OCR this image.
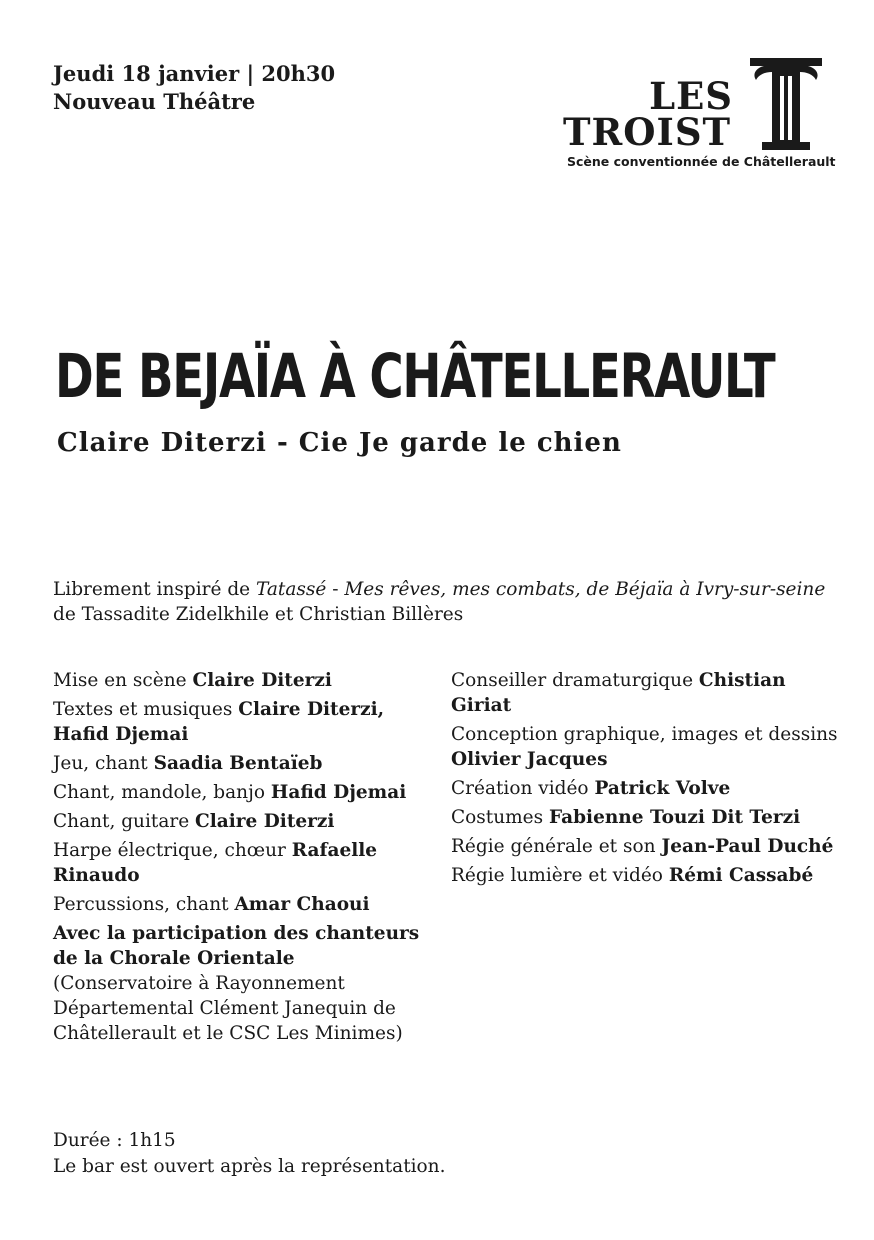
Jeudi 18 janvier | 20h30
Nouveau Théâtre	LES
TROIST
Scène conventionnée de Châtellerault
DE BEJAÏA À CHÂTELLERAULT
Claire Diterzi - Cie Je garde le chien
Librement inspiré de Tatassé - Mes rêves, mes combats, de Béjaïa à Ivry-sur-seine de Tassadite Zidelkhile et Christian Billères
Mise en scène Claire Diterzi
Textes et musiques Claire Diterzi, Hafid Djemai
Jeu, chant Saadia Bentaïeb
Chant, mandole, banjo Hafid Djemai
Chant, guitare Claire Diterzi
Harpe électrique, chœur Rafaelle Rinaudo
Percussions, chant Amar Chaoui
Avec la participation des chanteurs de la Chorale Orientale
(Conservatoire à Rayonnement Départemental Clément Janequin de Châtellerault et le CSC Les Minimes)
Conseiller dramaturgique Chistian Giriat
Conception graphique, images et dessins Olivier Jacques
Création vidéo Patrick Volve
Costumes Fabienne Touzi Dit Terzi
Régie générale et son Jean-Paul Duché
Régie lumière et vidéo Rémi Cassabé
Durée : 1h15
Le bar est ouvert après la représentation.
